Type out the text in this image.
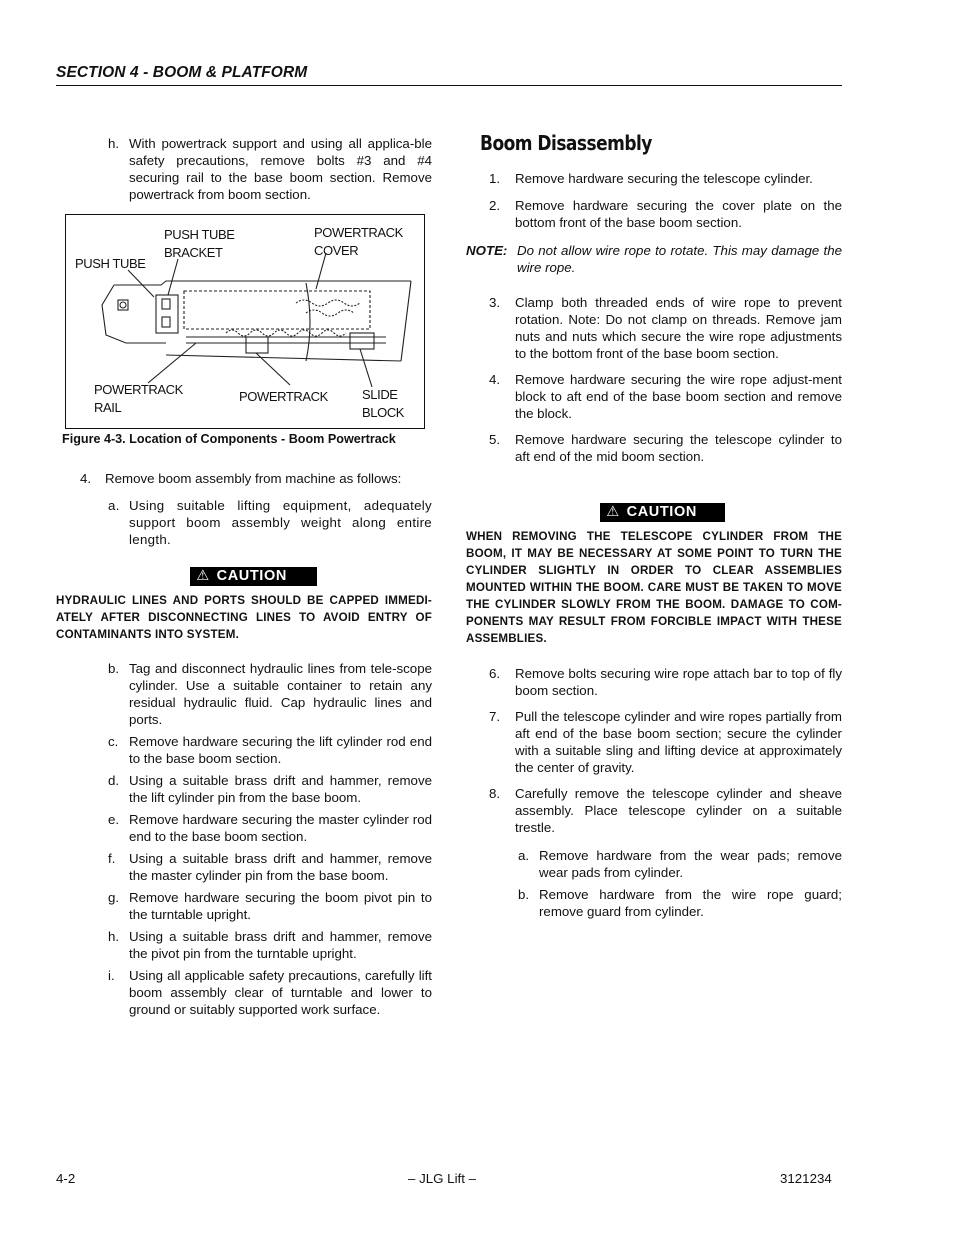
SECTION 4 - BOOM & PLATFORM
h. With powertrack support and using all applica-ble safety precautions, remove bolts #3 and #4 securing rail to the base boom section. Remove powertrack from boom section.

PUSH TUBE
PUSH TUBE
BRACKET
POWERTRACK
COVER
POWERTRACK
RAIL
POWERTRACK	SLIDE
BLOCK
Figure 4-3. Location of Components - Boom Powertrack
4. Remove boom assembly from machine as follows:

a. Using suitable lifting equipment, adequately support boom assembly weight along entire length.

⚠ CAUTION
HYDRAULIC LINES AND PORTS SHOULD BE CAPPED IMMEDI-ATELY AFTER DISCONNECTING LINES TO AVOID ENTRY OF CONTAMINANTS INTO SYSTEM.
b. Tag and disconnect hydraulic lines from tele-scope cylinder. Use a suitable container to retain any residual hydraulic fluid. Cap hydraulic lines and ports.

c. Remove hardware securing the lift cylinder rod end to the base boom section.

d. Using a suitable brass drift and hammer, remove the lift cylinder pin from the base boom.

e. Remove hardware securing the master cylinder rod end to the base boom section.

f. Using a suitable brass drift and hammer, remove the master cylinder pin from the base boom.

g. Remove hardware securing the boom pivot pin to the turntable upright.

h. Using a suitable brass drift and hammer, remove the pivot pin from the turntable upright.

i. Using all applicable safety precautions, carefully lift boom assembly clear of turntable and lower to ground or suitably supported work surface.

Boom Disassembly
1. Remove hardware securing the telescope cylinder.

2. Remove hardware securing the cover plate on the bottom front of the base boom section.

NOTE: Do not allow wire rope to rotate. This may damage the wire rope.

3. Clamp both threaded ends of wire rope to prevent rotation. Note: Do not clamp on threads. Remove jam nuts and nuts which secure the wire rope adjustments to the bottom front of the base boom section.

4. Remove hardware securing the wire rope adjust-ment block to aft end of the base boom section and remove the block.

5. Remove hardware securing the telescope cylinder to aft end of the mid boom section.

⚠ CAUTION
WHEN REMOVING THE TELESCOPE CYLINDER FROM THE BOOM, IT MAY BE NECESSARY AT SOME POINT TO TURN THE CYLINDER SLIGHTLY IN ORDER TO CLEAR ASSEMBLIES MOUNTED WITHIN THE BOOM. CARE MUST BE TAKEN TO MOVE THE CYLINDER SLOWLY FROM THE BOOM. DAMAGE TO COM-PONENTS MAY RESULT FROM FORCIBLE IMPACT WITH THESE ASSEMBLIES.
6. Remove bolts securing wire rope attach bar to top of fly boom section.

7. Pull the telescope cylinder and wire ropes partially from aft end of the base boom section; secure the cylinder with a suitable sling and lifting device at approximately the center of gravity.

8. Carefully remove the telescope cylinder and sheave assembly. Place telescope cylinder on a suitable trestle.

a. Remove hardware from the wear pads; remove wear pads from cylinder.

b. Remove hardware from the wire rope guard; remove guard from cylinder.

4-2	– JLG Lift –	3121234
